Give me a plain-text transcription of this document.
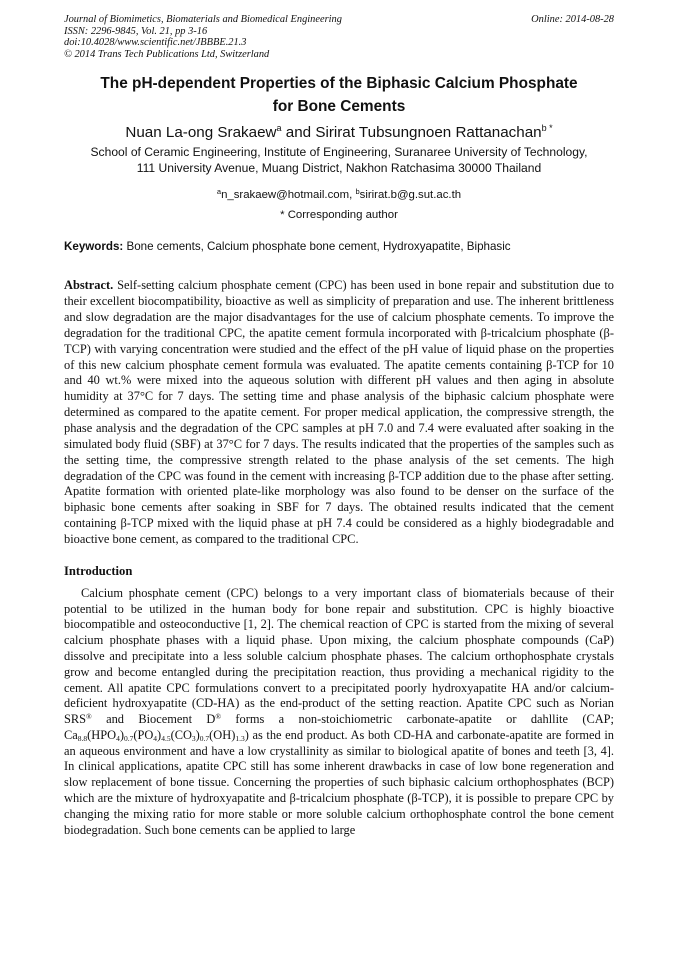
Journal of Biomimetics, Biomaterials and Biomedical Engineering
ISSN: 2296-9845, Vol. 21, pp 3-16
doi:10.4028/www.scientific.net/JBBBE.21.3
© 2014 Trans Tech Publications Ltd, Switzerland
Online: 2014-08-28
The pH-dependent Properties of the Biphasic Calcium Phosphate
for Bone Cements
Nuan La-ong Srakaew$^a$ and Sirirat Tubsungnoen Rattanachan$^{b *}$
School of Ceramic Engineering, Institute of Engineering, Suranaree University of Technology,
111 University Avenue, Muang District, Nakhon Ratchasima 30000 Thailand
$^a$n_srakaew@hotmail.com, $^b$sirirat.b@g.sut.ac.th
* Corresponding author
Keywords: Bone cements, Calcium phosphate bone cement, Hydroxyapatite, Biphasic
Abstract. Self-setting calcium phosphate cement (CPC) has been used in bone repair and substitution due to their excellent biocompatibility, bioactive as well as simplicity of preparation and use. The inherent brittleness and slow degradation are the major disadvantages for the use of calcium phosphate cements. To improve the degradation for the traditional CPC, the apatite cement formula incorporated with β-tricalcium phosphate (β-TCP) with varying concentration were studied and the effect of the pH value of liquid phase on the properties of this new calcium phosphate cement formula was evaluated. The apatite cements containing β-TCP for 10 and 40 wt.% were mixed into the aqueous solution with different pH values and then aging in absolute humidity at 37°C for 7 days. The setting time and phase analysis of the biphasic calcium phosphate were determined as compared to the apatite cement. For proper medical application, the compressive strength, the phase analysis and the degradation of the CPC samples at pH 7.0 and 7.4 were evaluated after soaking in the simulated body fluid (SBF) at 37°C for 7 days. The results indicated that the properties of the samples such as the setting time, the compressive strength related to the phase analysis of the set cements. The high degradation of the CPC was found in the cement with increasing β-TCP addition due to the phase after setting. Apatite formation with oriented plate-like morphology was also found to be denser on the surface of the biphasic bone cements after soaking in SBF for 7 days. The obtained results indicated that the cement containing β-TCP mixed with the liquid phase at pH 7.4 could be considered as a highly biodegradable and bioactive bone cement, as compared to the traditional CPC.
Introduction
Calcium phosphate cement (CPC) belongs to a very important class of biomaterials because of their potential to be utilized in the human body for bone repair and substitution. CPC is highly bioactive biocompatible and osteoconductive [1, 2]. The chemical reaction of CPC is started from the mixing of several calcium phosphate phases with a liquid phase. Upon mixing, the calcium phosphate compounds (CaP) dissolve and precipitate into a less soluble calcium phosphate phases. The calcium orthophosphate crystals grow and become entangled during the precipitation reaction, thus providing a mechanical rigidity to the cement. All apatite CPC formulations convert to a precipitated poorly hydroxyapatite HA and/or calcium-deficient hydroxyapatite (CD-HA) as the end-product of the setting reaction. Apatite CPC such as Norian SRS® and Biocement D® forms a non-stoichiometric carbonate-apatite or dahllite (CAP; $Ca_{8.8}(HPO_4)_{0.7}(PO_4)_{4.5}(CO_3)_{0.7}(OH)_{1.3}$) as the end product. As both CD-HA and carbonate-apatite are formed in an aqueous environment and have a low crystallinity as similar to biological apatite of bones and teeth [3, 4]. In clinical applications, apatite CPC still has some inherent drawbacks in case of low bone regeneration and slow replacement of bone tissue. Concerning the properties of such biphasic calcium orthophosphates (BCP) which are the mixture of hydroxyapatite and β-tricalcium phosphate (β-TCP), it is possible to prepare CPC by changing the mixing ratio for more stable or more soluble calcium orthophosphate control the bone cement biodegradation. Such bone cements can be applied to large
